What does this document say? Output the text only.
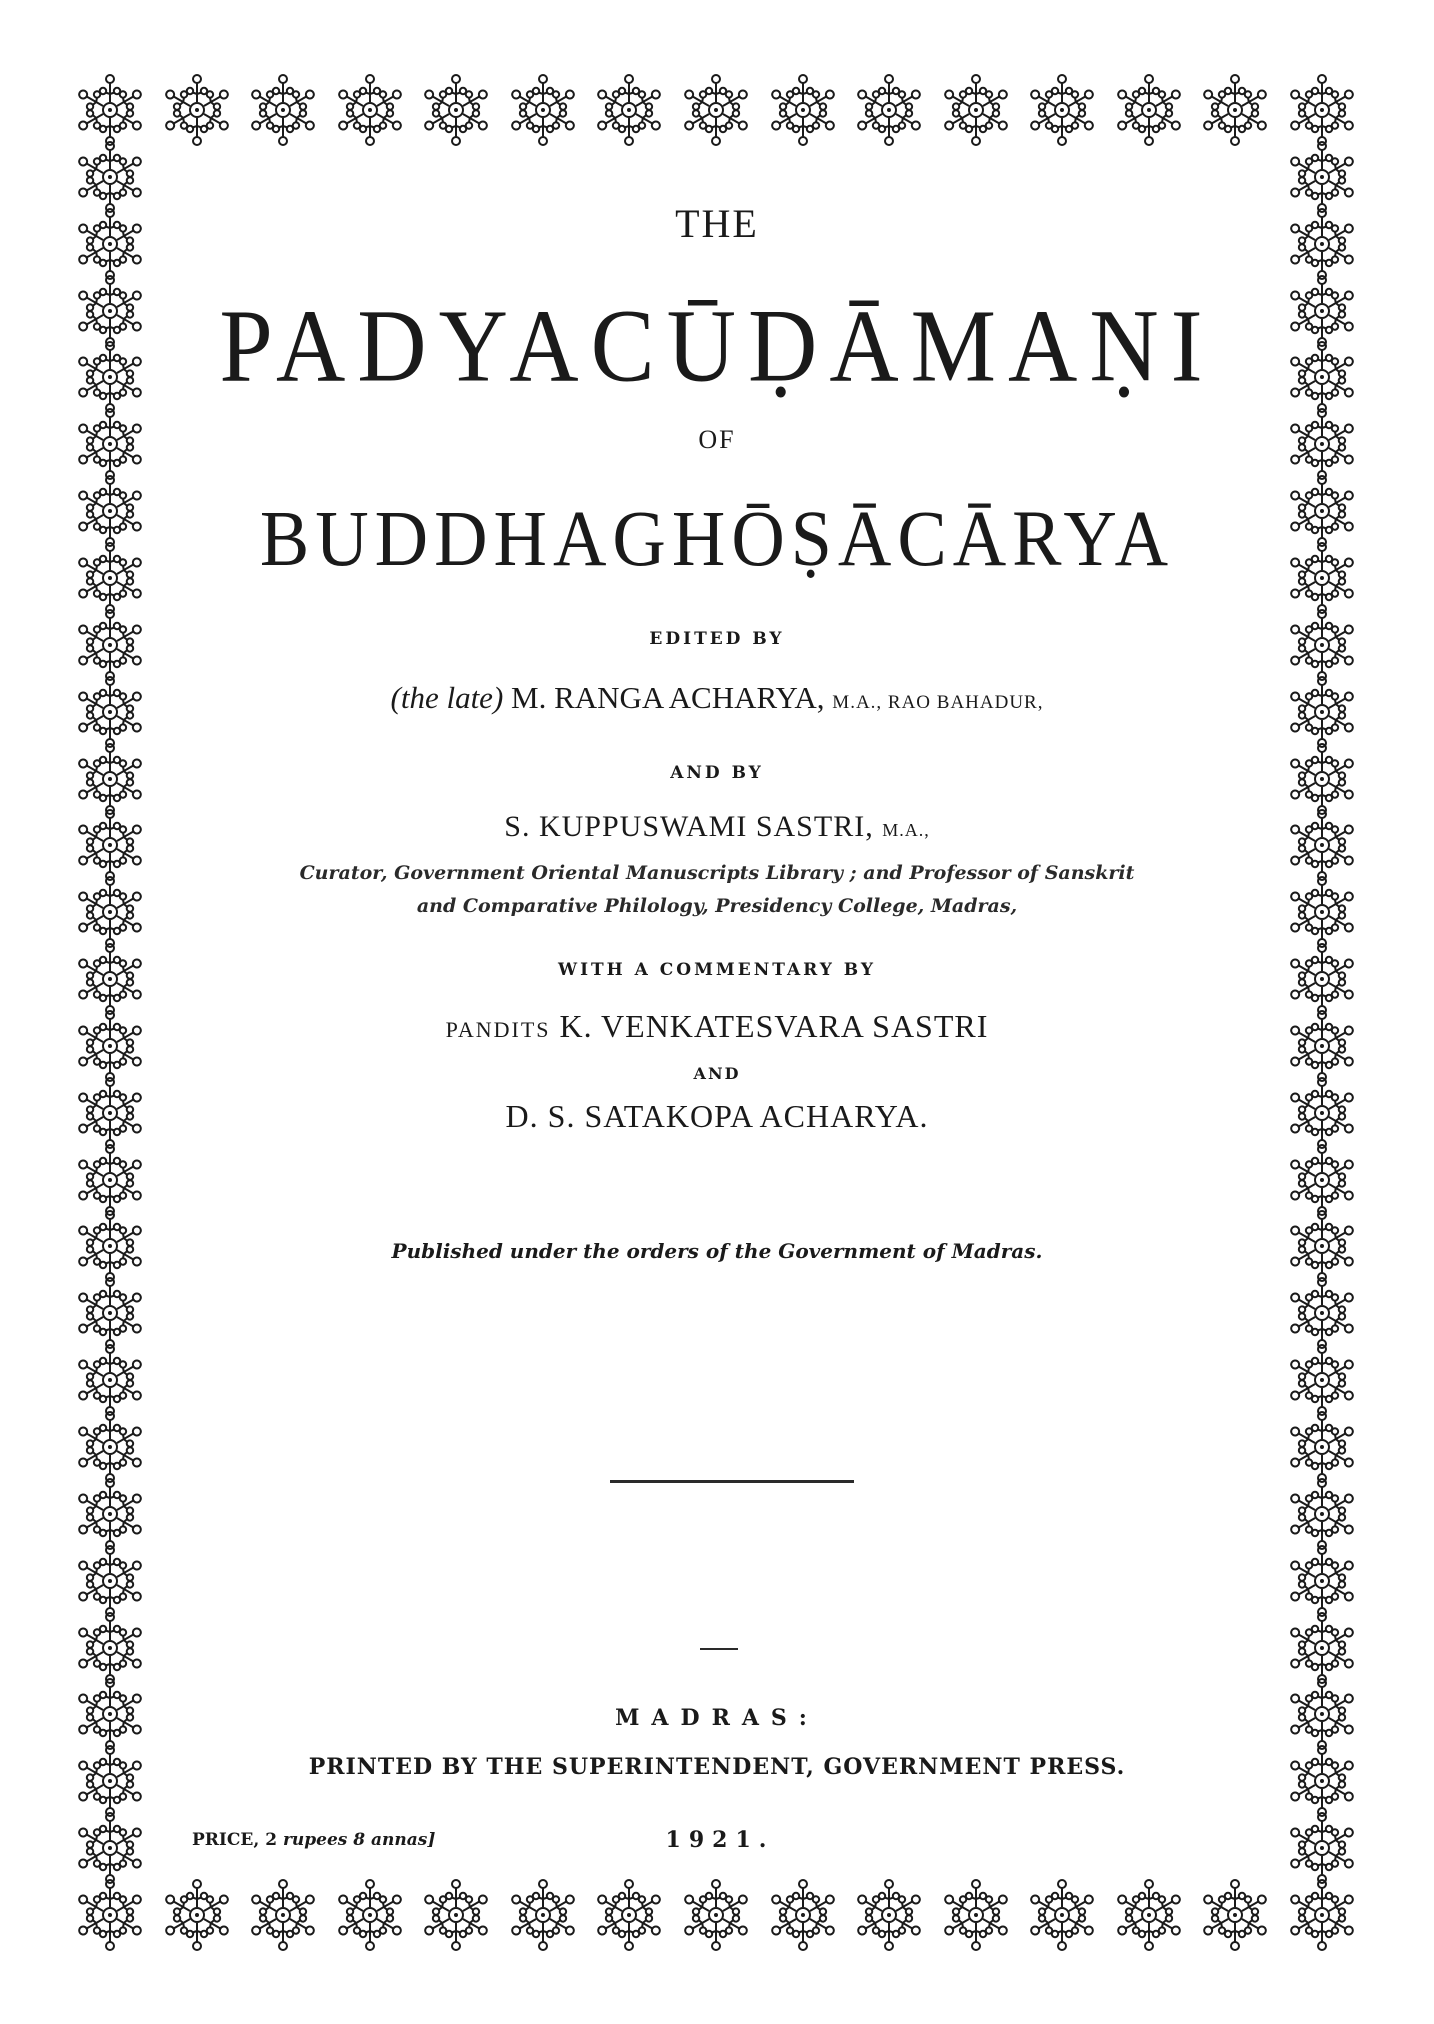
THE
PADYACŪḌĀMAṆI
OF
BUDDHAGHŌṢĀCĀRYA
EDITED BY
(the late) M. RANGA ACHARYA, M.A., RAO BAHADUR,
AND BY
S. KUPPUSWAMI SASTRI, M.A.,
Curator, Government Oriental Manuscripts Library ; and Professor of Sanskrit
and Comparative Philology, Presidency College, Madras,
WITH A COMMENTARY BY
PANDITS K. VENKATESVARA SASTRI
AND
D. S. SATAKOPA ACHARYA.
Published under the orders of the Government of Madras.
MADRAS:
PRINTED BY THE SUPERINTENDENT, GOVERNMENT PRESS.
1921.
PRICE, 2 rupees 8 annas]
